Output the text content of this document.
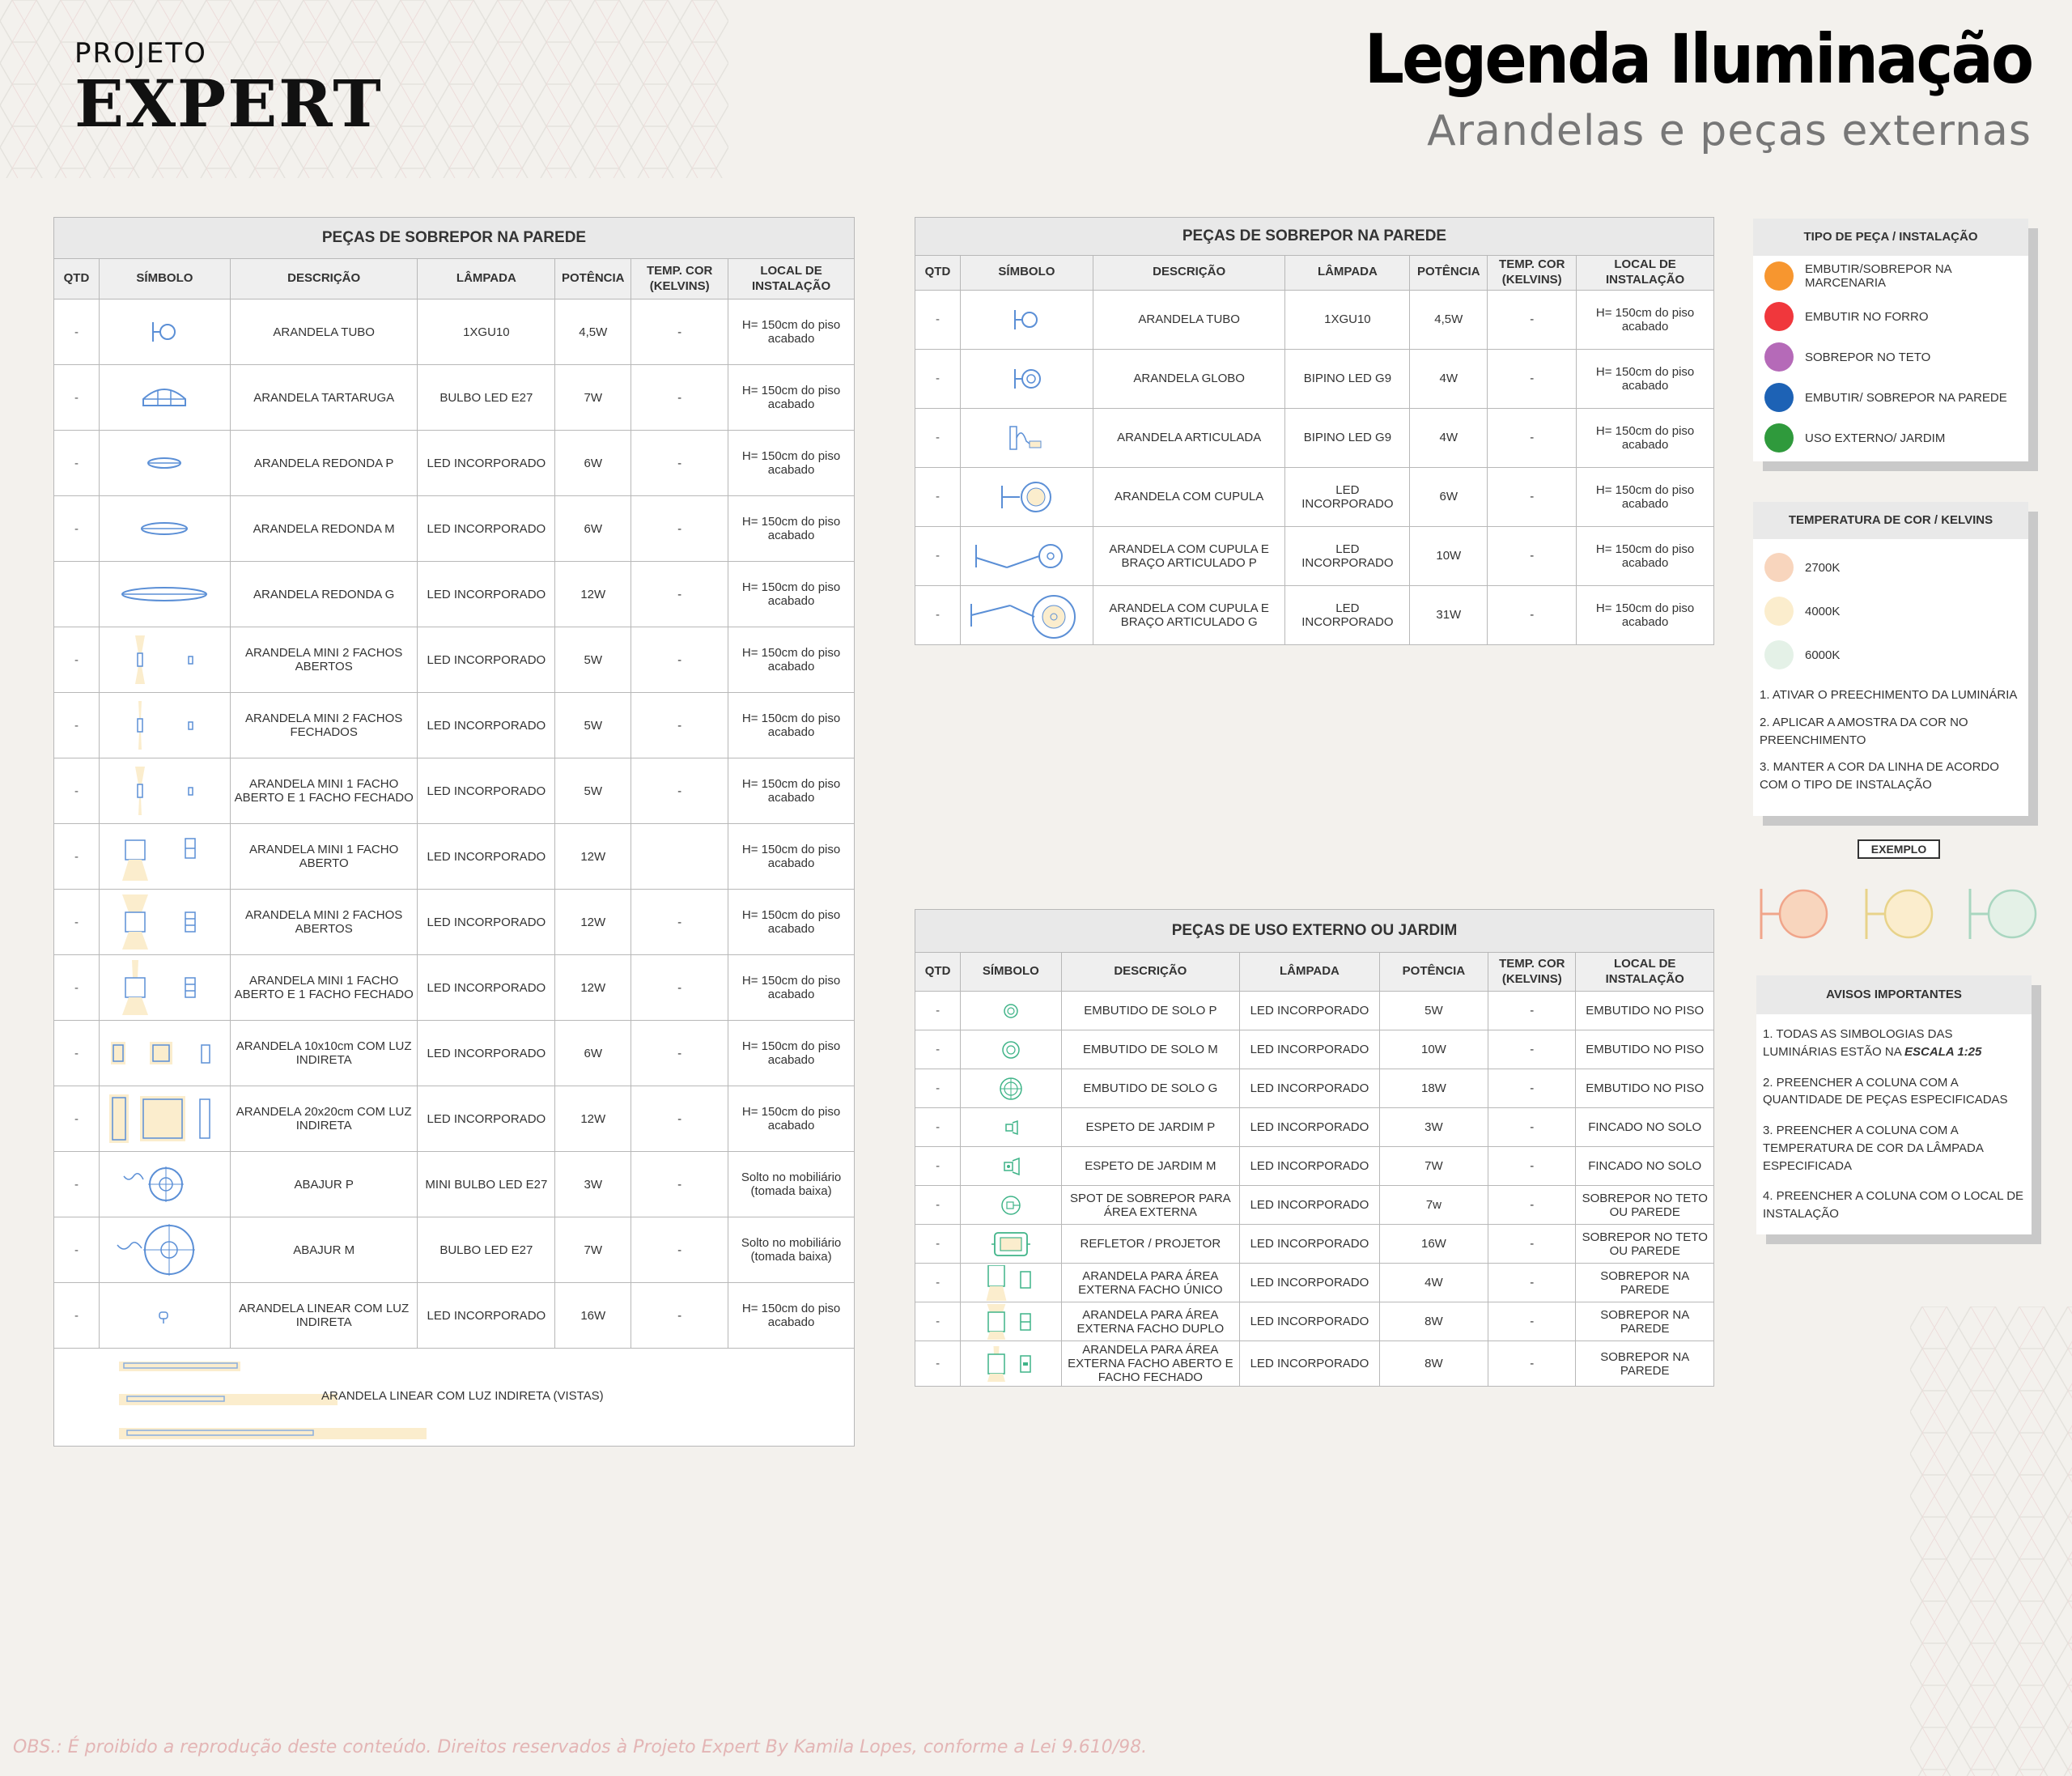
PROJETO
EXPERT
Legenda Iluminação
Arandelas e peças externas
PEÇAS DE SOBREPOR NA PAREDE						
QTD	SÍMBOLO	DESCRIÇÃO	LÂMPADA	POTÊNCIA	TEMP. COR (KELVINS)	LOCAL DE INSTALAÇÃO
-		ARANDELA TUBO	1XGU10	4,5W	-	H= 150cm do piso acabado
-		ARANDELA TARTARUGA	BULBO LED E27	7W	-	H= 150cm do piso acabado
-		ARANDELA REDONDA P	LED INCORPORADO	6W	-	H= 150cm do piso acabado
-		ARANDELA REDONDA M	LED INCORPORADO	6W	-	H= 150cm do piso acabado

	ARANDELA REDONDA G	LED INCORPORADO	12W	-	H= 150cm do piso acabado
-		ARANDELA MINI 2 FACHOS ABERTOS	LED INCORPORADO	5W	-	H= 150cm do piso acabado
-		ARANDELA MINI 2 FACHOS FECHADOS	LED INCORPORADO	5W	-	H= 150cm do piso acabado
-		ARANDELA MINI 1 FACHO ABERTO E 1 FACHO FECHADO	LED INCORPORADO	5W	-	H= 150cm do piso acabado
-		ARANDELA MINI 1 FACHO ABERTO	LED INCORPORADO	12W		H= 150cm do piso acabado
-		ARANDELA MINI 2 FACHOS ABERTOS	LED INCORPORADO	12W	-	H= 150cm do piso acabado
-		ARANDELA MINI 1 FACHO ABERTO E 1 FACHO FECHADO	LED INCORPORADO	12W	-	H= 150cm do piso acabado
-		ARANDELA 10x10cm COM LUZ INDIRETA	LED INCORPORADO	6W	-	H= 150cm do piso acabado
-		ARANDELA 20x20cm COM LUZ INDIRETA	LED INCORPORADO	12W	-	H= 150cm do piso acabado
-		ABAJUR P	MINI BULBO LED E27	3W	-	Solto no mobiliário (tomada baixa)
-		ABAJUR M	BULBO LED E27	7W	-	Solto no mobiliário (tomada baixa)
-		ARANDELA LINEAR COM LUZ INDIRETA	LED INCORPORADO	16W	-	H= 150cm do piso acabado

ARANDELA LINEAR COM LUZ INDIRETA (VISTAS)						
PEÇAS DE SOBREPOR NA PAREDE						
QTD	SÍMBOLO	DESCRIÇÃO	LÂMPADA	POTÊNCIA	TEMP. COR (KELVINS)	LOCAL DE INSTALAÇÃO
-		ARANDELA TUBO	1XGU10	4,5W	-	H= 150cm do piso acabado
-		ARANDELA GLOBO	BIPINO LED G9	4W	-	H= 150cm do piso acabado
-		ARANDELA ARTICULADA	BIPINO LED G9	4W	-	H= 150cm do piso acabado
-		ARANDELA COM CUPULA	LED INCORPORADO	6W	-	H= 150cm do piso acabado
-		ARANDELA COM CUPULA E BRAÇO ARTICULADO P	LED INCORPORADO	10W	-	H= 150cm do piso acabado
-		ARANDELA COM CUPULA E BRAÇO ARTICULADO G	LED INCORPORADO	31W	-	H= 150cm do piso acabado
PEÇAS DE USO EXTERNO OU JARDIM						
QTD	SÍMBOLO	DESCRIÇÃO	LÂMPADA	POTÊNCIA	TEMP. COR (KELVINS)	LOCAL DE INSTALAÇÃO
-		EMBUTIDO DE SOLO P	LED INCORPORADO	5W	-	EMBUTIDO NO PISO
-		EMBUTIDO DE SOLO M	LED INCORPORADO	10W	-	EMBUTIDO NO PISO
-		EMBUTIDO DE SOLO G	LED INCORPORADO	18W	-	EMBUTIDO NO PISO
-		ESPETO DE JARDIM P	LED INCORPORADO	3W	-	FINCADO NO SOLO
-		ESPETO DE JARDIM M	LED INCORPORADO	7W	-	FINCADO NO SOLO
-		SPOT DE SOBREPOR PARA ÁREA EXTERNA	LED INCORPORADO	7w	-	SOBREPOR NO TETO OU PAREDE
-		REFLETOR / PROJETOR	LED INCORPORADO	16W	-	SOBREPOR NO TETO OU PAREDE
-		ARANDELA PARA ÁREA EXTERNA FACHO ÚNICO	LED INCORPORADO	4W	-	SOBREPOR NA PAREDE
-		ARANDELA PARA ÁREA EXTERNA FACHO DUPLO	LED INCORPORADO	8W	-	SOBREPOR NA PAREDE
-		ARANDELA PARA ÁREA EXTERNA FACHO ABERTO E FACHO FECHADO	LED INCORPORADO	8W	-	SOBREPOR NA PAREDE
TIPO DE PEÇA / INSTALAÇÃO
EMBUTIR/SOBREPOR NA MARCENARIA
EMBUTIR NO FORRO
SOBREPOR NO TETO
EMBUTIR/ SOBREPOR NA PAREDE
USO EXTERNO/ JARDIM
TEMPERATURA DE COR / KELVINS
2700K
4000K
6000K
1. ATIVAR O PREECHIMENTO DA LUMINÁRIA
2. APLICAR A AMOSTRA DA COR NO PREENCHIMENTO
3. MANTER A COR DA LINHA DE ACORDO COM O TIPO DE INSTALAÇÃO
EXEMPLO
AVISOS IMPORTANTES
1. TODAS AS SIMBOLOGIAS DAS LUMINÁRIAS ESTÃO NA ESCALA 1:25
2. PREENCHER A COLUNA COM A QUANTIDADE DE PEÇAS ESPECIFICADAS
3. PREENCHER A COLUNA COM A TEMPERATURA DE COR DA LÂMPADA ESPECIFICADA
4. PREENCHER A COLUNA COM O LOCAL DE INSTALAÇÃO
OBS.: É proibido a reprodução deste conteúdo. Direitos reservados à Projeto Expert By Kamila Lopes, conforme a Lei 9.610/98.
